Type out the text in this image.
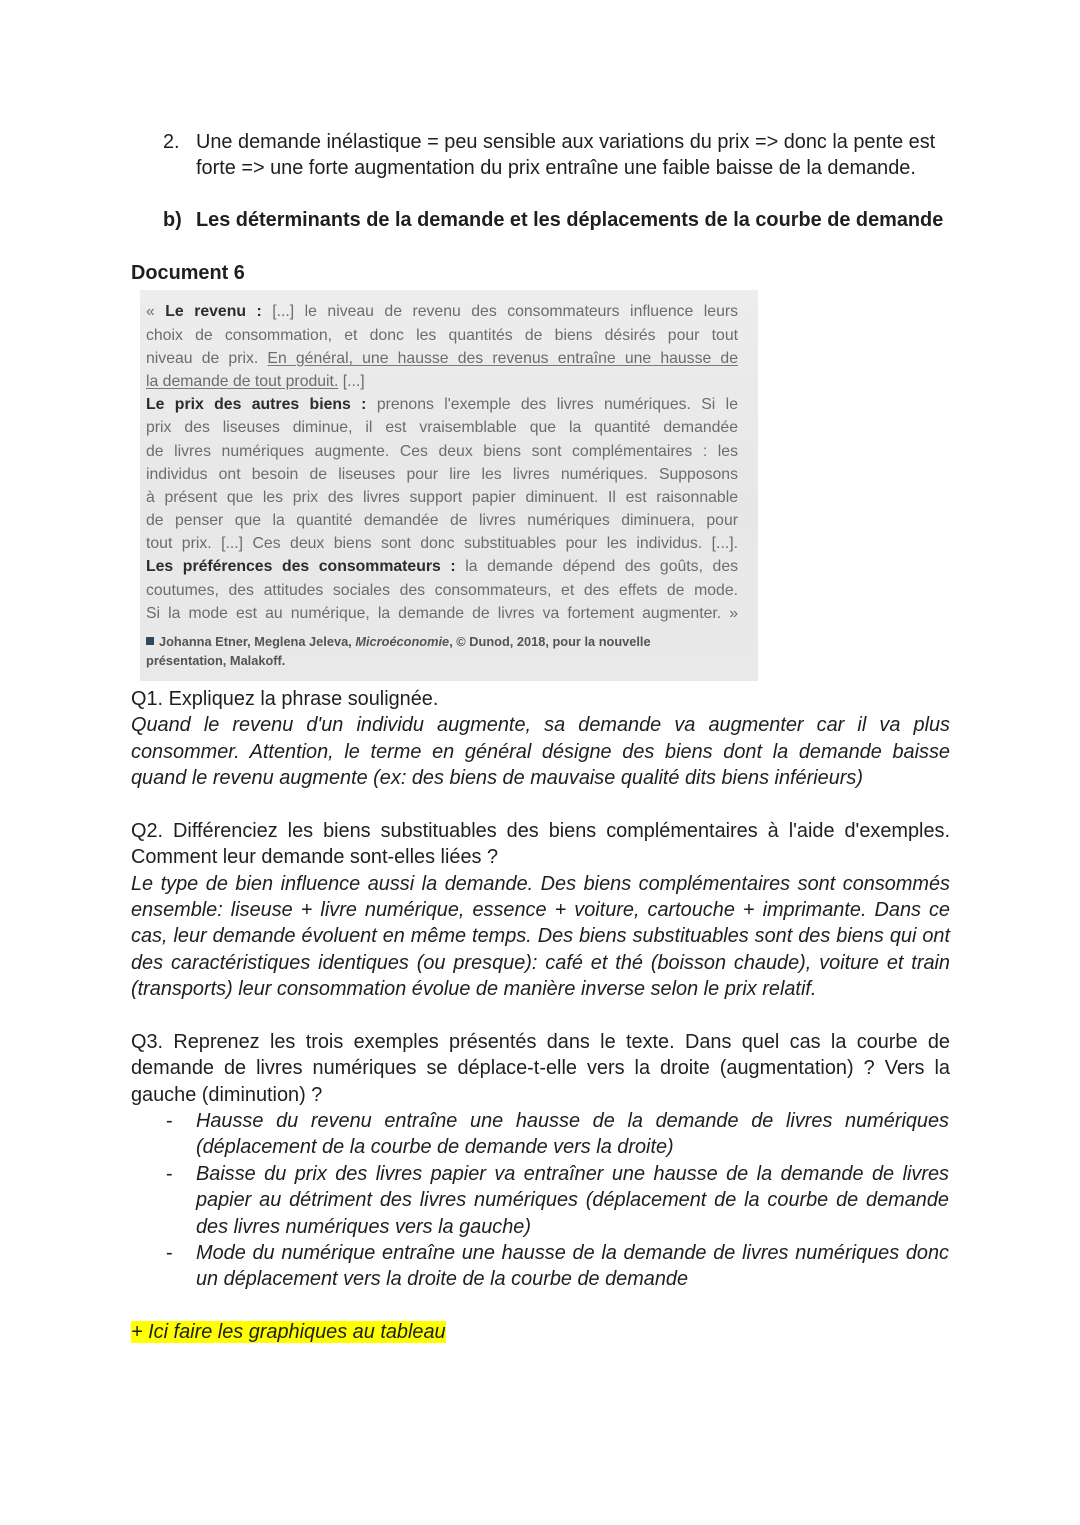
2. Une demande inélastique = peu sensible aux variations du prix => donc la pente est
forte => une forte augmentation du prix entraîne une faible baisse de la demande.
b) Les déterminants de la demande et les déplacements de la courbe de demande
Document 6
« Le revenu : [...] le niveau de revenu des consommateurs influence leurs
choix de consommation, et donc les quantités de biens désirés pour tout
niveau de prix. En général, une hausse des revenus entraîne une hausse de
la demande de tout produit. [...]
Le prix des autres biens : prenons l'exemple des livres numériques. Si le
prix des liseuses diminue, il est vraisemblable que la quantité demandée
de livres numériques augmente. Ces deux biens sont complémentaires : les
individus ont besoin de liseuses pour lire les livres numériques. Supposons
à présent que les prix des livres support papier diminuent. Il est raisonnable
de penser que la quantité demandée de livres numériques diminuera, pour
tout prix. [...] Ces deux biens sont donc substituables pour les individus. [...].
Les préférences des consommateurs : la demande dépend des goûts, des
coutumes, des attitudes sociales des consommateurs, et des effets de mode.
Si la mode est au numérique, la demande de livres va fortement augmenter. »
Johanna Etner, Meglena Jeleva, Microéconomie, © Dunod, 2018, pour la nouvelle
présentation, Malakoff.
Q1. Expliquez la phrase soulignée.
Quand le revenu d'un individu augmente, sa demande va augmenter car il va plus
consommer. Attention, le terme en général désigne des biens dont la demande baisse
quand le revenu augmente (ex: des biens de mauvaise qualité dits biens inférieurs)
Q2. Différenciez les biens substituables des biens complémentaires à l'aide d'exemples.
Comment leur demande sont-elles liées ?
Le type de bien influence aussi la demande. Des biens complémentaires sont consommés
ensemble: liseuse + livre numérique, essence + voiture, cartouche + imprimante. Dans ce
cas, leur demande évoluent en même temps. Des biens substituables sont des biens qui ont
des caractéristiques identiques (ou presque): café et thé (boisson chaude), voiture et train
(transports) leur consommation évolue de manière inverse selon le prix relatif.
Q3. Reprenez les trois exemples présentés dans le texte. Dans quel cas la courbe de
demande de livres numériques se déplace-t-elle vers la droite (augmentation) ? Vers la
gauche (diminution) ?
- Hausse du revenu entraîne une hausse de la demande de livres numériques
(déplacement de la courbe de demande vers la droite)
- Baisse du prix des livres papier va entraîner une hausse de la demande de livres
papier au détriment des livres numériques (déplacement de la courbe de demande
des livres numériques vers la gauche)
- Mode du numérique entraîne une hausse de la demande de livres numériques donc
un déplacement vers la droite de la courbe de demande
+ Ici faire les graphiques au tableau
